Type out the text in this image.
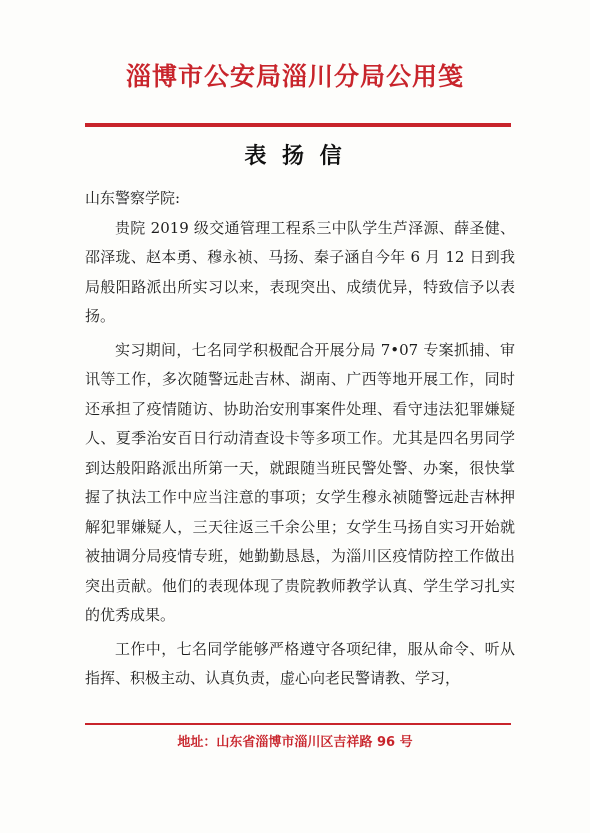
淄博市公安局淄川分局公用笺
表 扬 信

山东警察学院:

贵院 2019 级交通管理工程系三中队学生芦泽源、薛圣健、邵泽珑、赵本勇、穆永祯、马扬、秦子涵自今年 6 月 12 日到我局般阳路派出所实习以来，表现突出、成绩优异，特致信予以表扬。

实习期间，七名同学积极配合开展分局 7•07 专案抓捕、审讯等工作，多次随警远赴吉林、湖南、广西等地开展工作，同时还承担了疫情随访、协助治安刑事案件处理、看守违法犯罪嫌疑人、夏季治安百日行动清查设卡等多项工作。尤其是四名男同学到达般阳路派出所第一天，就跟随当班民警处警、办案，很快掌握了执法工作中应当注意的事项；女学生穆永祯随警远赴吉林押解犯罪嫌疑人，三天往返三千余公里；女学生马扬自实习开始就被抽调分局疫情专班，她勤勤恳恳，为淄川区疫情防控工作做出突出贡献。他们的表现体现了贵院教师教学认真、学生学习扎实的优秀成果。

工作中，七名同学能够严格遵守各项纪律，服从命令、听从指挥、积极主动、认真负责，虚心向老民警请教、学习，

地址：山东省淄博市淄川区吉祥路 96 号
